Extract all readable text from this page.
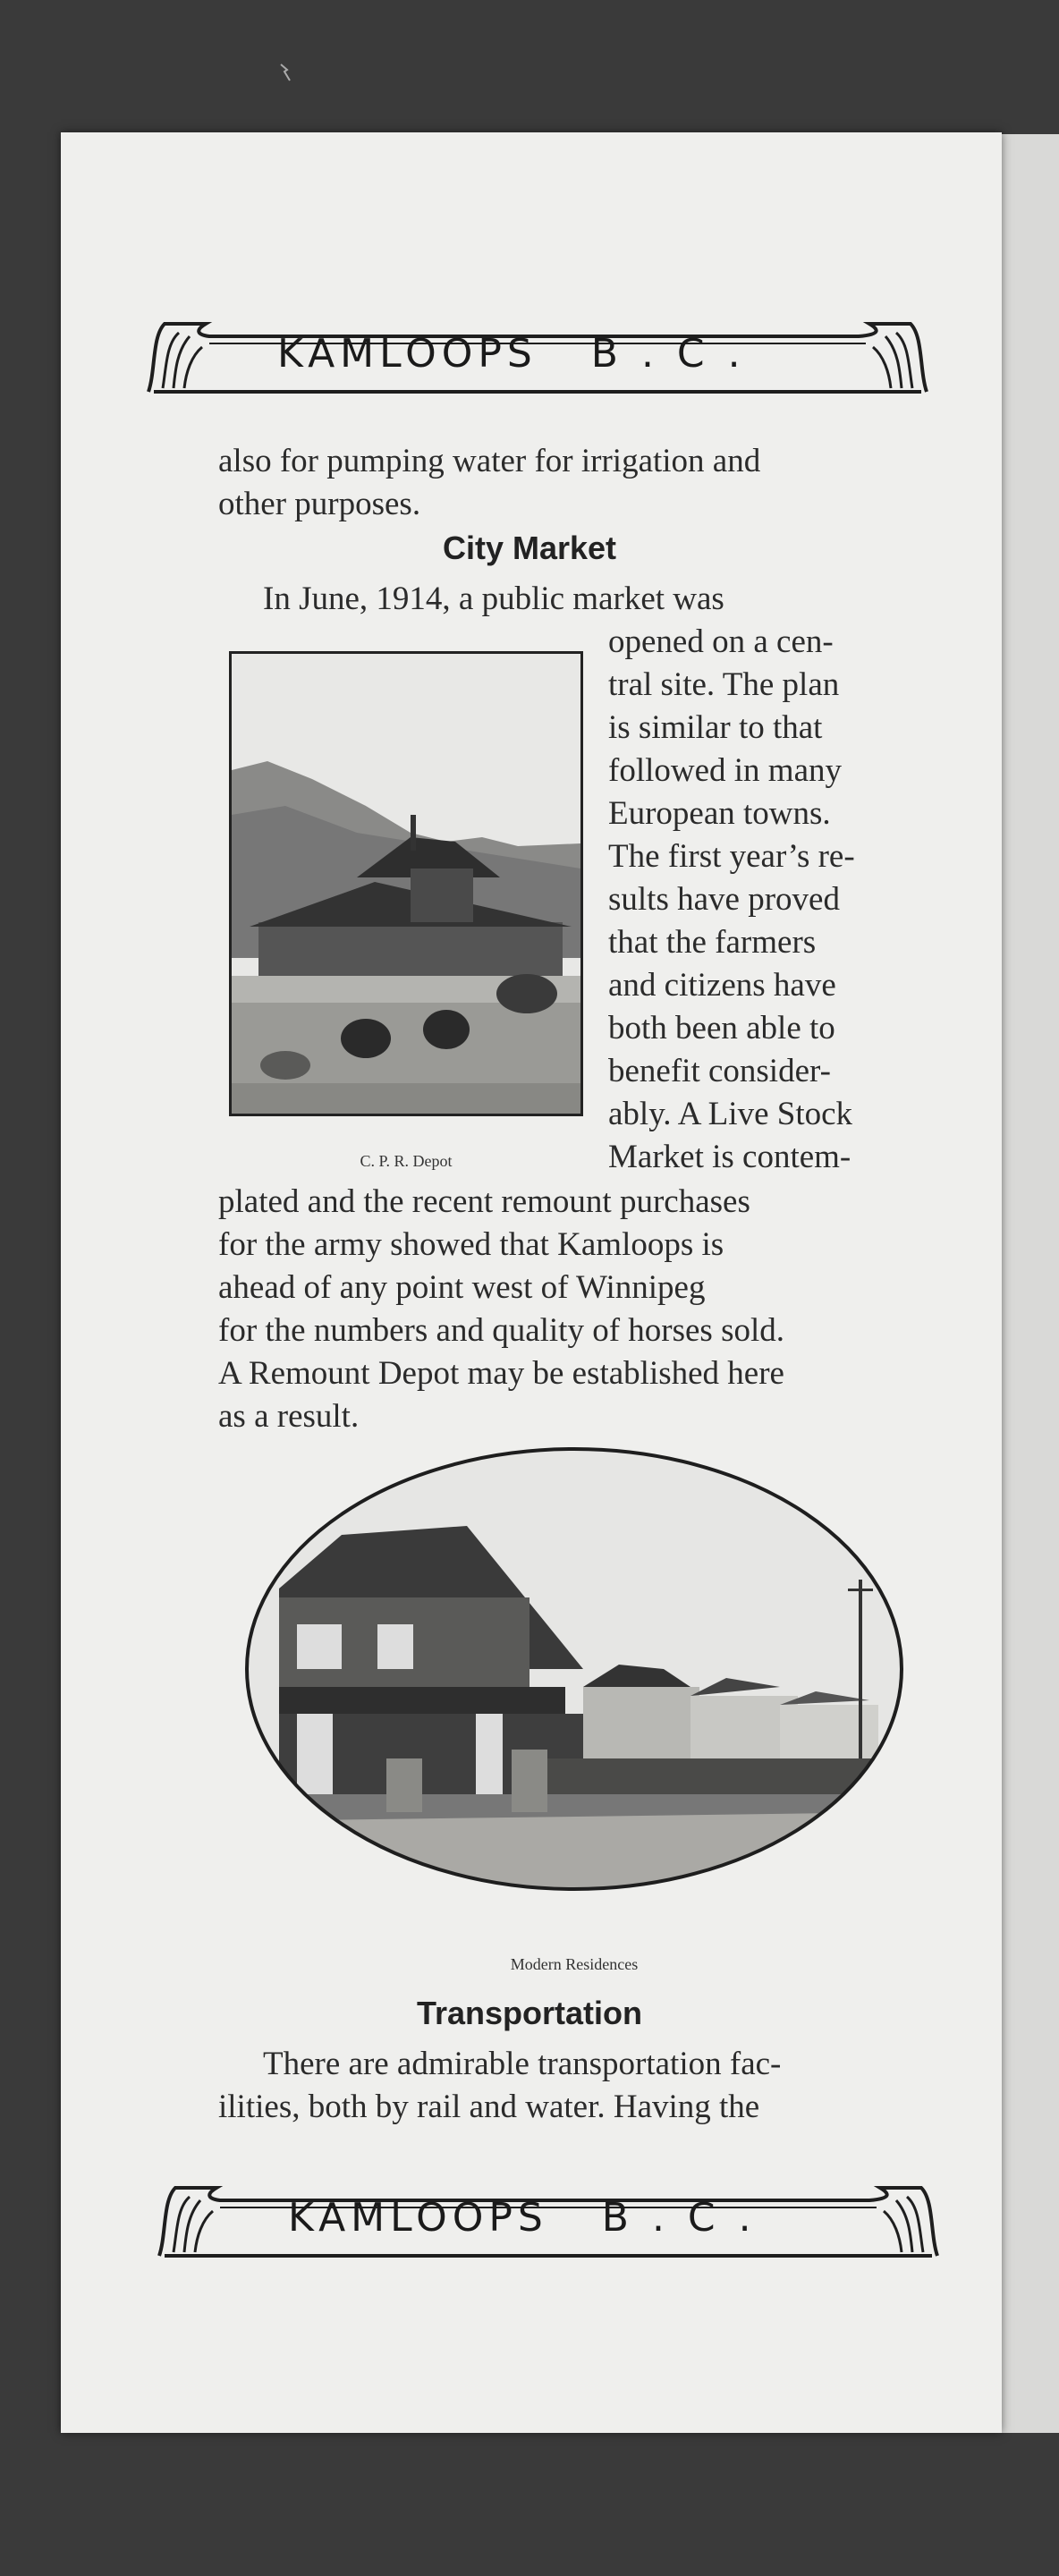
KAMLOOPS   B . C .

also for pumping water for irrigation and

other purposes.

City Market

In June, 1914, a public market was

C. P. R. Depot

opened on a cen-

tral site. The plan

is similar to that

followed in many

European towns.

The first year’s re-

sults have proved

that the farmers

and citizens have

both been able to

benefit consider-

ably. A Live Stock

Market is contem-

plated and the recent remount purchases

for the army showed that Kamloops is

ahead of any point west of Winnipeg

for the numbers and quality of horses sold.

A Remount Depot may be established here

as a result.

Modern Residences
Transportation

There are admirable transportation fac-

ilities, both by rail and water. Having the

KAMLOOPS   B . C .
